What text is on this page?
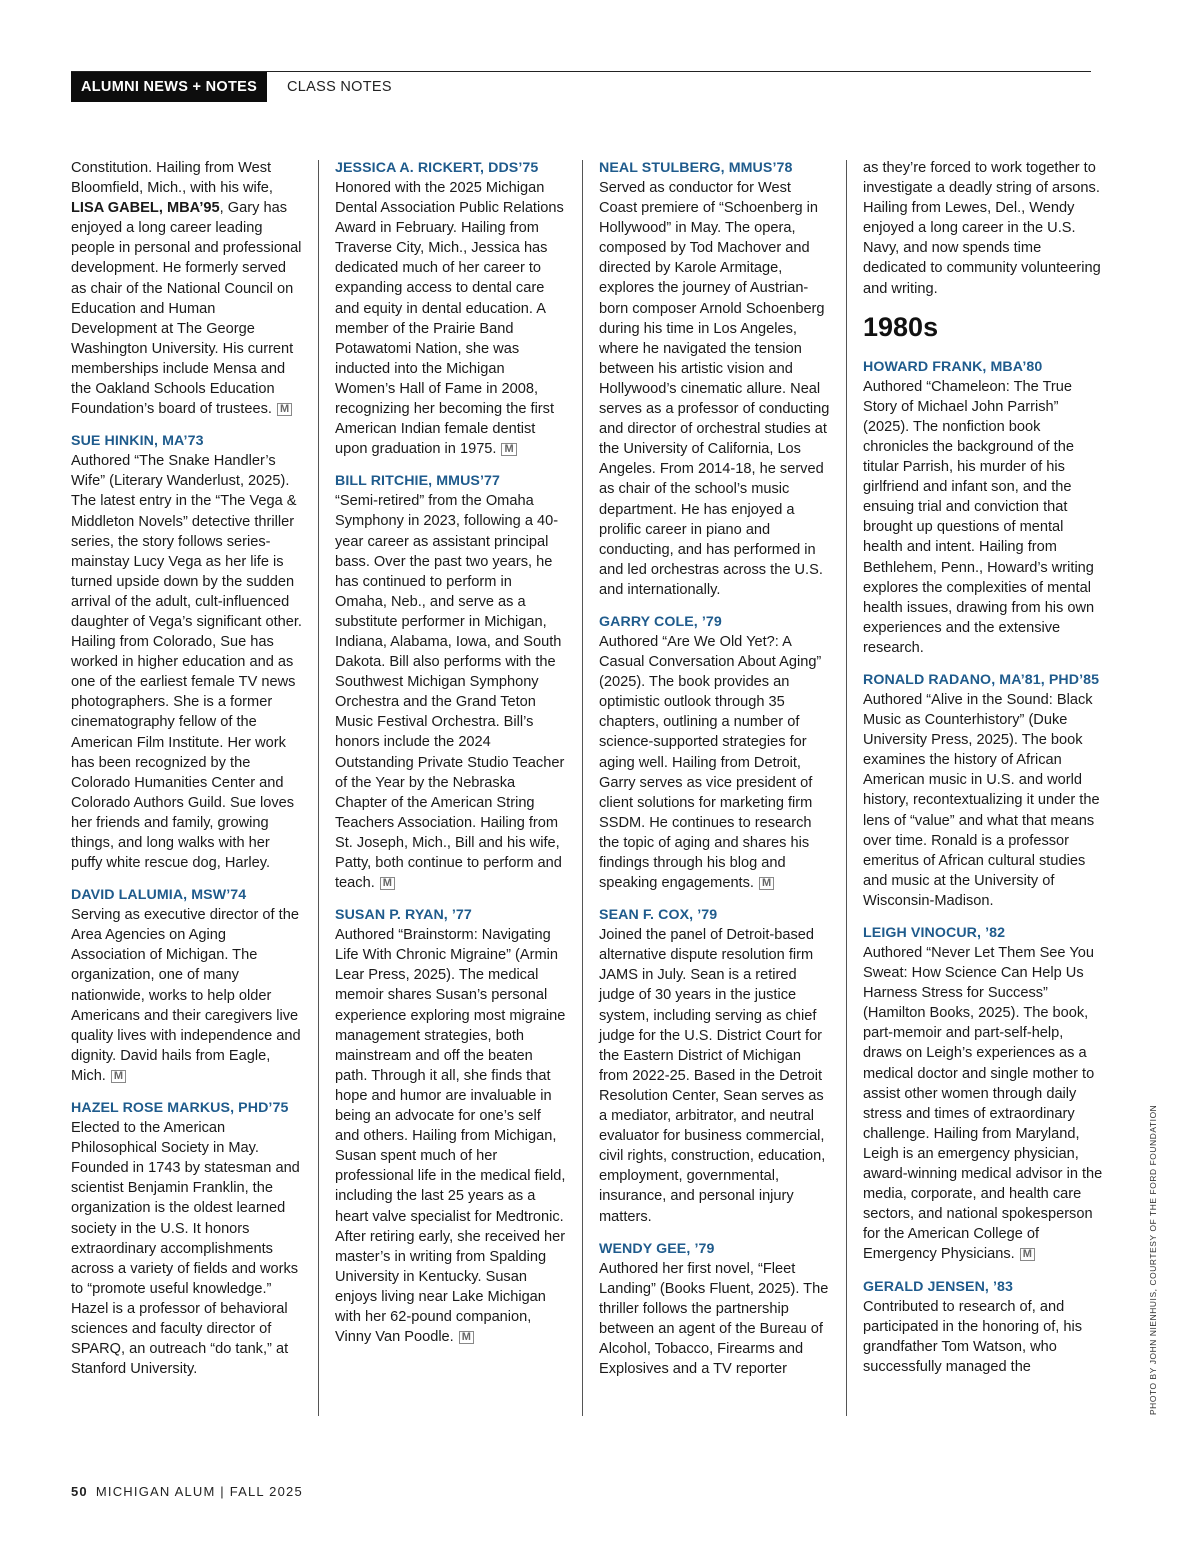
ALUMNI NEWS + NOTES	CLASS NOTES

Constitution. Hailing from West Bloomfield, Mich., with his wife, LISA GABEL, MBA’95, Gary has enjoyed a long career leading people in personal and professional development. He formerly served as chair of the National Council on Education and Human Development at The George Washington University. His current memberships include Mensa and the Oakland Schools Education Foundation’s board of trustees. M

SUE HINKIN, MA’73

Authored “The Snake Handler’s Wife” (Literary Wanderlust, 2025). The latest entry in the “The Vega & Middleton Novels” detective thriller series, the story follows series-mainstay Lucy Vega as her life is turned upside down by the sudden arrival of the adult, cult-influenced daughter of Vega’s significant other. Hailing from Colorado, Sue has worked in higher education and as one of the earliest female TV news photographers. She is a former cinematography fellow of the American Film Institute. Her work has been recognized by the Colorado Humanities Center and Colorado Authors Guild. Sue loves her friends and family, growing things, and long walks with her puffy white rescue dog, Harley.

DAVID LALUMIA, MSW’74

Serving as executive director of the Area Agencies on Aging Association of Michigan. The organization, one of many nationwide, works to help older Americans and their caregivers live quality lives with independence and dignity. David hails from Eagle, Mich. M

HAZEL ROSE MARKUS, PHD’75

Elected to the American Philosophical Society in May. Founded in 1743 by statesman and scientist Benjamin Franklin, the organization is the oldest learned society in the U.S. It honors extraordinary accomplishments across a variety of fields and works to “promote useful knowledge.” Hazel is a professor of behavioral sciences and faculty director of SPARQ, an outreach “do tank,” at Stanford University.

JESSICA A. RICKERT, DDS’75

Honored with the 2025 Michigan Dental Association Public Relations Award in February. Hailing from Traverse City, Mich., Jessica has dedicated much of her career to expanding access to dental care and equity in dental education. A member of the Prairie Band Potawatomi Nation, she was inducted into the Michigan Women’s Hall of Fame in 2008, recognizing her becoming the first American Indian female dentist upon graduation in 1975. M

BILL RITCHIE, MMUS’77

“Semi-retired” from the Omaha Symphony in 2023, following a 40-year career as assistant principal bass. Over the past two years, he has continued to perform in Omaha, Neb., and serve as a substitute performer in Michigan, Indiana, Alabama, Iowa, and South Dakota. Bill also performs with the Southwest Michigan Symphony Orchestra and the Grand Teton Music Festival Orchestra. Bill’s honors include the 2024 Outstanding Private Studio Teacher of the Year by the Nebraska Chapter of the American String Teachers Association. Hailing from St. Joseph, Mich., Bill and his wife, Patty, both continue to perform and teach. M

SUSAN P. RYAN, ’77

Authored “Brainstorm: Navigating Life With Chronic Migraine” (Armin Lear Press, 2025). The medical memoir shares Susan’s personal experience exploring most migraine management strategies, both mainstream and off the beaten path. Through it all, she finds that hope and humor are invaluable in being an advocate for one’s self and others. Hailing from Michigan, Susan spent much of her professional life in the medical field, including the last 25 years as a heart valve specialist for Medtronic. After retiring early, she received her master’s in writing from Spalding University in Kentucky. Susan enjoys living near Lake Michigan with her 62-pound companion, Vinny Van Poodle. M

NEAL STULBERG, MMUS’78

Served as conductor for West Coast premiere of “Schoenberg in Hollywood” in May. The opera, composed by Tod Machover and directed by Karole Armitage, explores the journey of Austrian-born composer Arnold Schoenberg during his time in Los Angeles, where he navigated the tension between his artistic vision and Hollywood’s cinematic allure. Neal serves as a professor of conducting and director of orchestral studies at the University of California, Los Angeles. From 2014-18, he served as chair of the school’s music department. He has enjoyed a prolific career in piano and conducting, and has performed in and led orchestras across the U.S. and internationally.

GARRY COLE, ’79

Authored “Are We Old Yet?: A Casual Conversation About Aging” (2025). The book provides an optimistic outlook through 35 chapters, outlining a number of science-supported strategies for aging well. Hailing from Detroit, Garry serves as vice president of client solutions for marketing firm SSDM. He continues to research the topic of aging and shares his findings through his blog and speaking engagements. M

SEAN F. COX, ’79

Joined the panel of Detroit-based alternative dispute resolution firm JAMS in July. Sean is a retired judge of 30 years in the justice system, including serving as chief judge for the U.S. District Court for the Eastern District of Michigan from 2022-25. Based in the Detroit Resolution Center, Sean serves as a mediator, arbitrator, and neutral evaluator for business commercial, civil rights, construction, education, employment, governmental, insurance, and personal injury matters.

WENDY GEE, ’79

Authored her first novel, “Fleet Landing” (Books Fluent, 2025). The thriller follows the partnership between an agent of the Bureau of Alcohol, Tobacco, Firearms and Explosives and a TV reporter

as they’re forced to work together to investigate a deadly string of arsons. Hailing from Lewes, Del., Wendy enjoyed a long career in the U.S. Navy, and now spends time dedicated to community volunteering and writing.

1980s

HOWARD FRANK, MBA’80

Authored “Chameleon: The True Story of Michael John Parrish” (2025). The nonfiction book chronicles the background of the titular Parrish, his murder of his girlfriend and infant son, and the ensuing trial and conviction that brought up questions of mental health and intent. Hailing from Bethlehem, Penn., Howard’s writing explores the complexities of mental health issues, drawing from his own experiences and the extensive research.

RONALD RADANO, MA’81, PHD’85

Authored “Alive in the Sound: Black Music as Counterhistory” (Duke University Press, 2025). The book examines the history of African American music in U.S. and world history, recontextualizing it under the lens of “value” and what that means over time. Ronald is a professor emeritus of African cultural studies and music at the University of Wisconsin-Madison.

LEIGH VINOCUR, ’82

Authored “Never Let Them See You Sweat: How Science Can Help Us Harness Stress for Success” (Hamilton Books, 2025). The book, part-memoir and part-self-help, draws on Leigh’s experiences as a medical doctor and single mother to assist other women through daily stress and times of extraordinary challenge. Hailing from Maryland, Leigh is an emergency physician, award-winning medical advisor in the media, corporate, and health care sectors, and national spokesperson for the American College of Emergency Physicians. M

GERALD JENSEN, ’83

Contributed to research of, and participated in the honoring of, his grandfather Tom Watson, who successfully managed the

50 MICHIGAN ALUM | FALL 2025
PHOTO BY JOHN NIENHUIS, COURTESY OF THE FORD FOUNDATION
